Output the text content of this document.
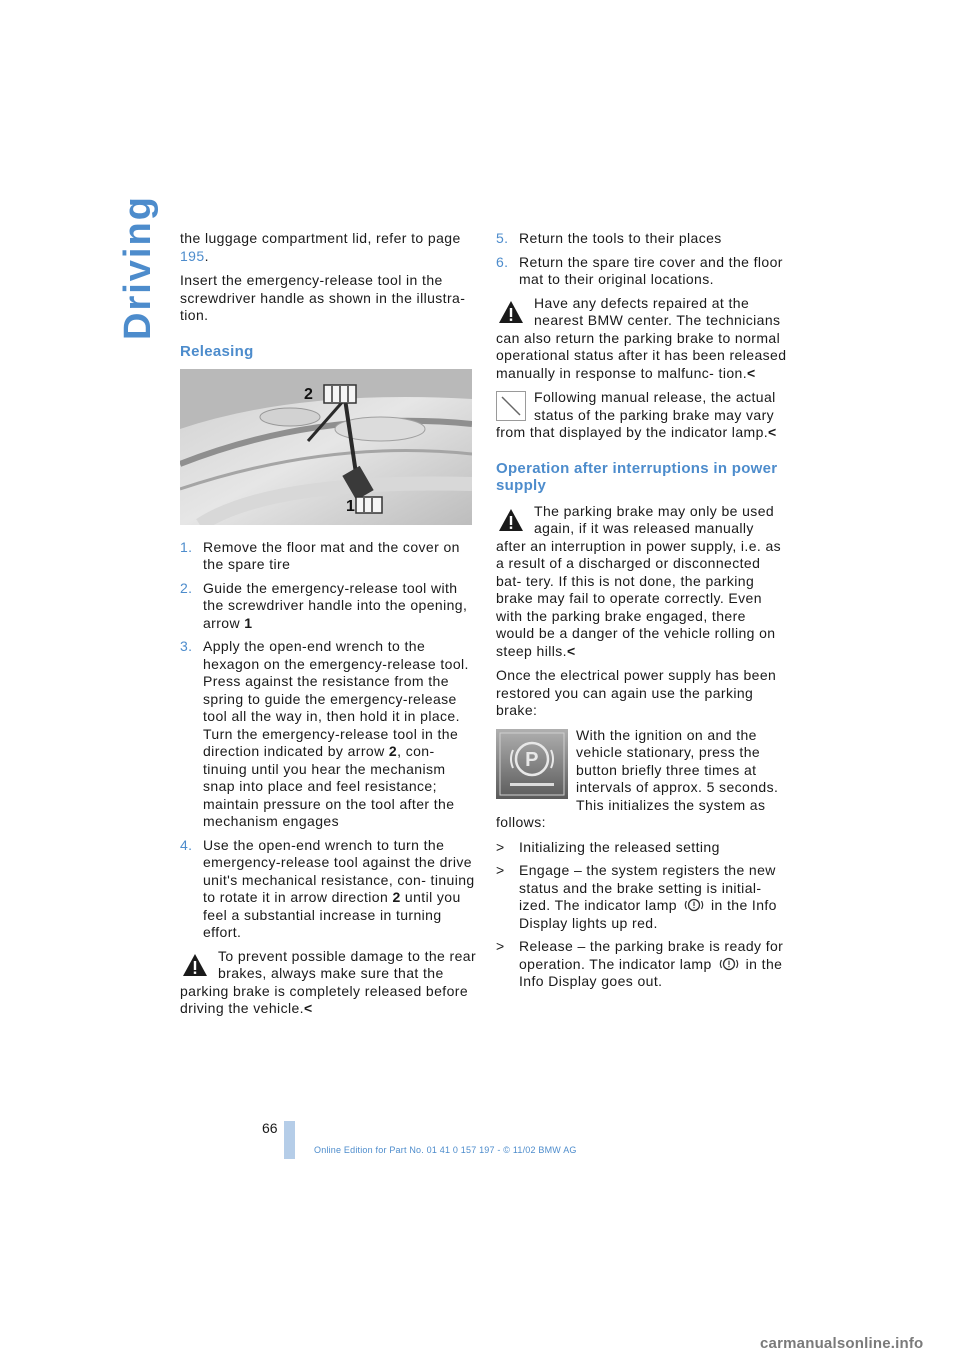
Driving the luggage compartment lid, refer to page 195.

Insert the emergency-release tool in the screwdriver handle as shown in the illustra- tion.

Releasing
2
1
1. Remove the floor mat and the cover on the spare tire
2. Guide the emergency-release tool with the screwdriver handle into the opening, arrow 1
3. Apply the open-end wrench to the hexagon on the emergency-release tool.
Press against the resistance from the spring to guide the emergency-release tool all the way in, then hold it in place.
Turn the emergency-release tool in the direction indicated by arrow 2, con- tinuing until you hear the mechanism snap into place and feel resistance; maintain pressure on the tool after the mechanism engages
4. Use the open-end wrench to turn the emergency-release tool against the drive unit's mechanical resistance, con- tinuing to rotate it in arrow direction 2 until you feel a substantial increase in turning effort.
To prevent possible damage to the rear brakes, always make sure that the parking brake is completely released before driving the vehicle.<
5. Return the tools to their places
6. Return the spare tire cover and the floor mat to their original locations.
Have any defects repaired at the nearest BMW center. The technicians can also return the parking brake to normal operational status after it has been released manually in response to malfunc- tion.<
Following manual release, the actual status of the parking brake may vary from that displayed by the indicator lamp.<
Operation after interruptions in power supply
The parking brake may only be used again, if it was released manually after an interruption in power supply, i.e. as a result of a discharged or disconnected bat- tery. If this is not done, the parking brake may fail to operate correctly. Even with the parking brake engaged, there would be a danger of the vehicle rolling on steep hills.<

Once the electrical power supply has been restored you can again use the parking brake:

P
With the ignition on and the vehicle stationary, press the button briefly three times at intervals of approx. 5 seconds. This initializes the system as follows:
> Initializing the released setting
> Engage – the system registers the new status and the brake setting is initial- ized. The indicator lamp in the Info Display lights up red.
> Release – the parking brake is ready for operation. The indicator lamp in the Info Display goes out.
66
Online Edition for Part No. 01 41 0 157 197 - © 11/02 BMW AG
carmanualsonline.info
